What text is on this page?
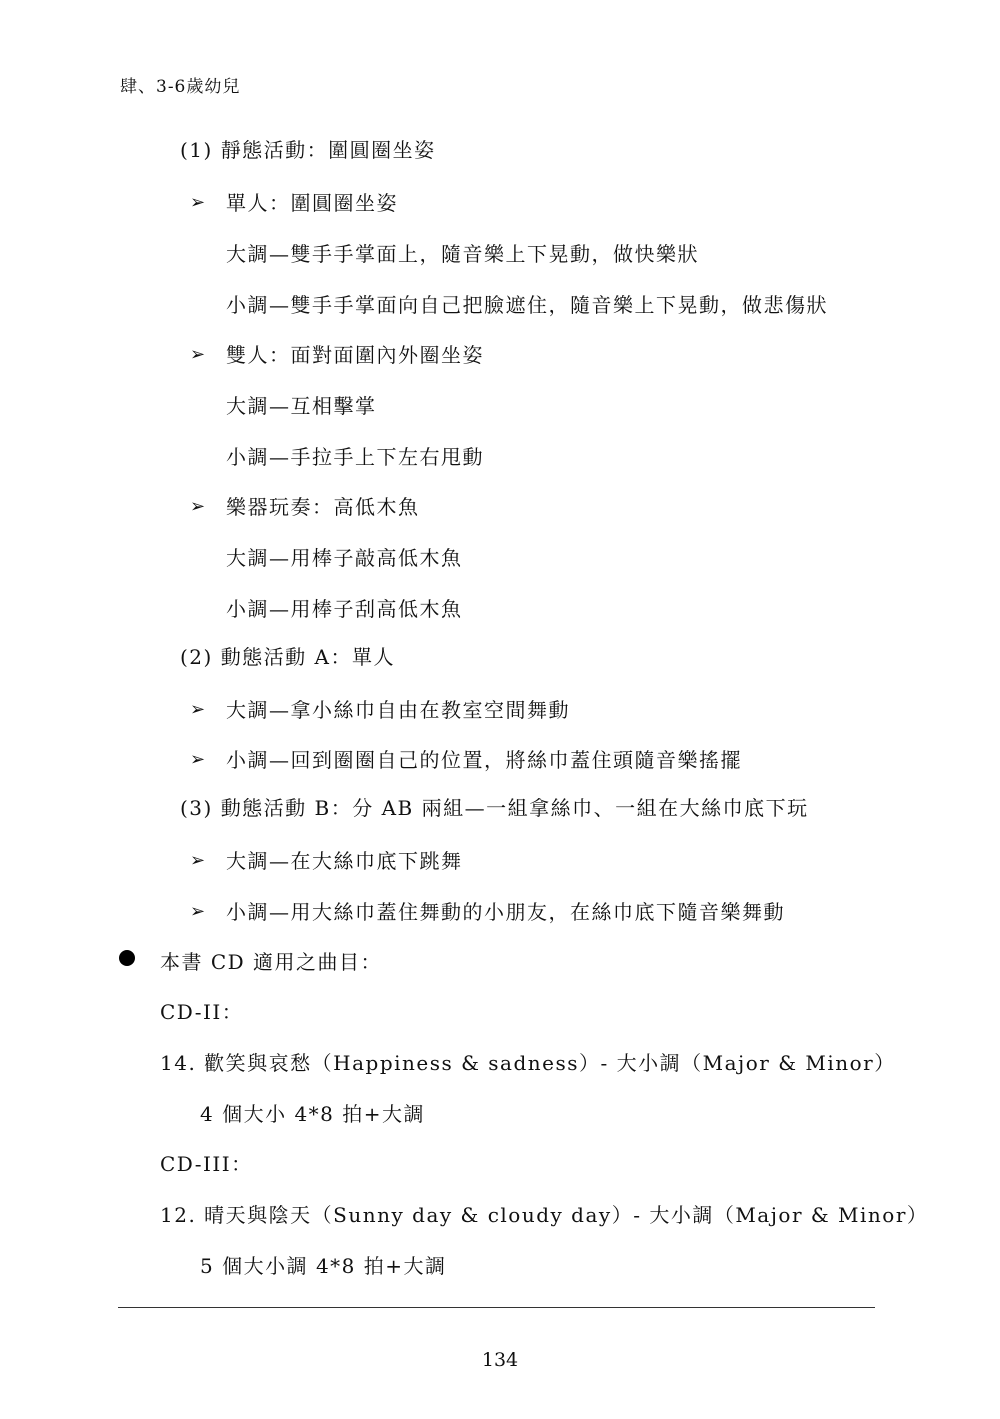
肆、3-6歲幼兒
(1) 靜態活動：圍圓圈坐姿
➢ 單人：圍圓圈坐姿
大調—雙手手掌面上，隨音樂上下晃動，做快樂狀
小調—雙手手掌面向自己把臉遮住，隨音樂上下晃動，做悲傷狀
➢ 雙人：面對面圍內外圈坐姿
大調—互相擊掌
小調—手拉手上下左右甩動
➢ 樂器玩奏：高低木魚
大調—用棒子敲高低木魚
小調—用棒子刮高低木魚
(2) 動態活動 A：單人
➢ 大調—拿小絲巾自由在教室空間舞動
➢ 小調—回到圈圈自己的位置，將絲巾蓋住頭隨音樂搖擺
(3) 動態活動 B：分 AB 兩組—一組拿絲巾、一組在大絲巾底下玩
➢ 大調—在大絲巾底下跳舞
➢ 小調—用大絲巾蓋住舞動的小朋友，在絲巾底下隨音樂舞動
本書 CD 適用之曲目：
CD-II：
14. 歡笑與哀愁（Happiness & sadness）- 大小調（Major & Minor）
4 個大小 4*8 拍+大調
CD-III：
12. 晴天與陰天（Sunny day & cloudy day）- 大小調（Major & Minor）
5 個大小調 4*8 拍+大調
134
